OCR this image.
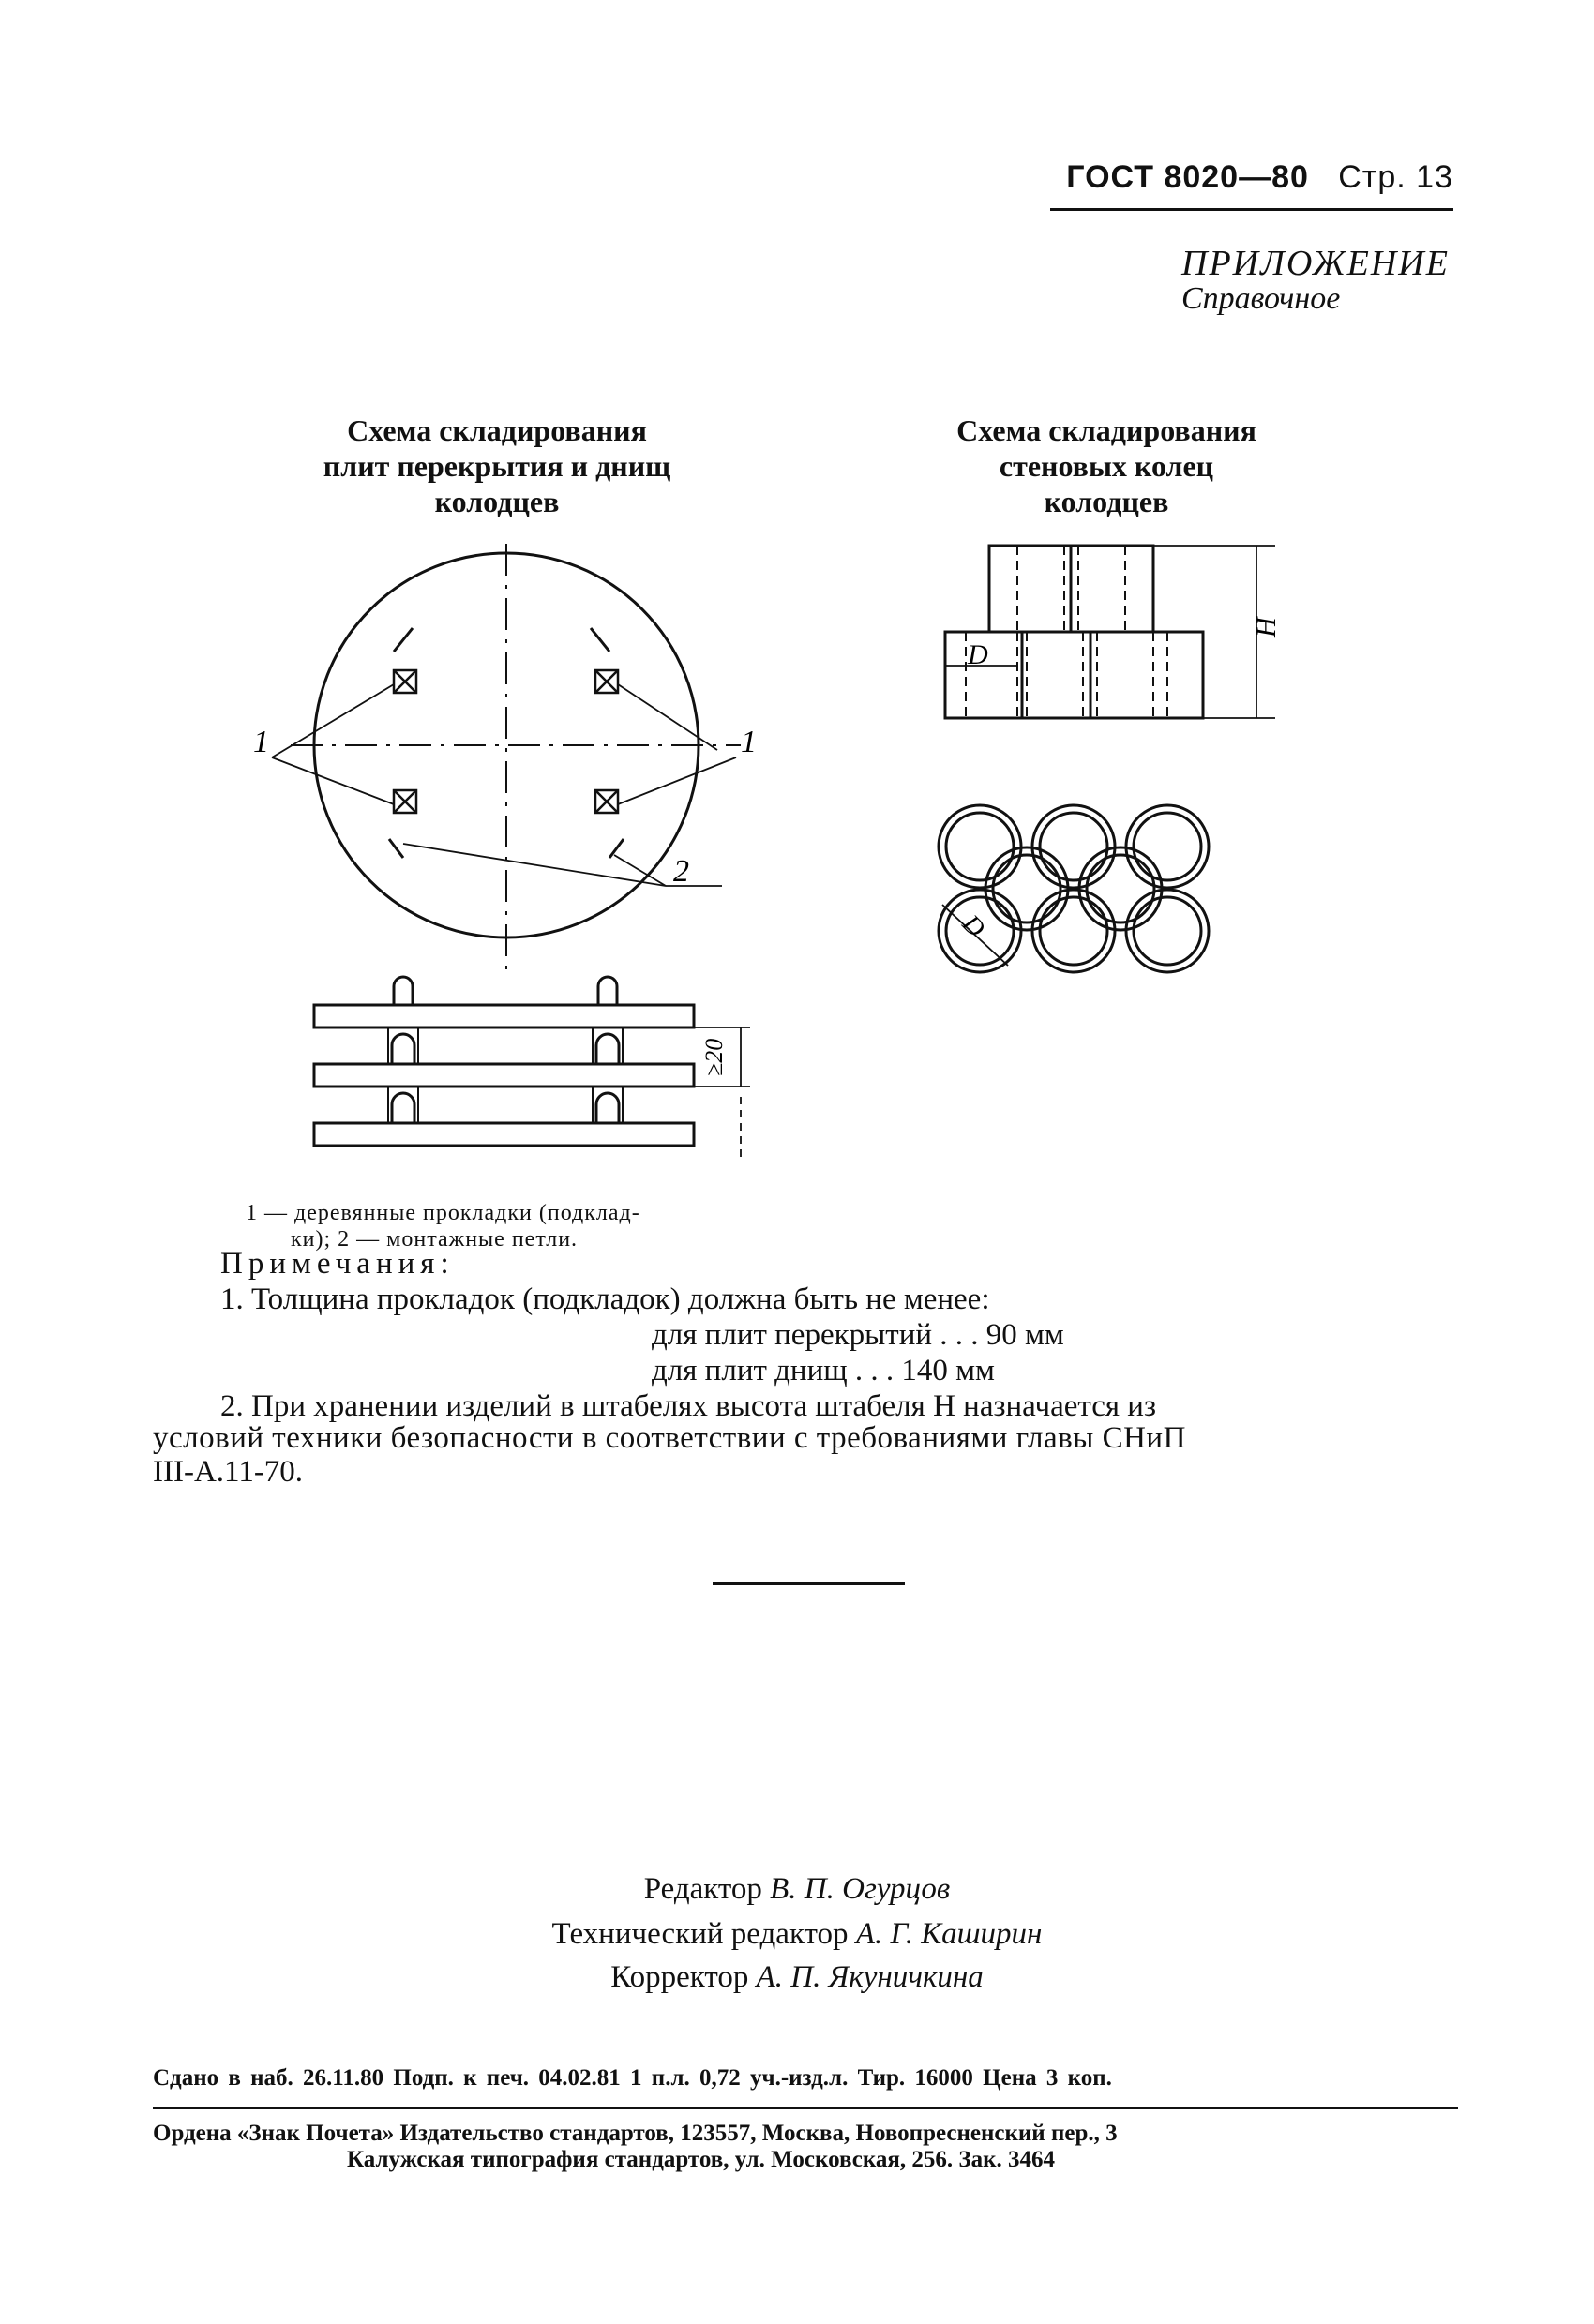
ГОСТ 8020—80 Стр. 13
ПРИЛОЖЕНИЕ
Справочное
Схема складирования
плит перекрытия и днищ
колодцев
Схема складирования
стеновых колец
колодцев
1	1
2
≥20
D
H
D
1 — деревянные прокладки (подклад-
ки); 2 — монтажные петли.
Примечания:
1. Толщина прокладок (подкладок) должна быть не менее:
для плит перекрытий . . . 90 мм
для плит днищ . . . 140 мм
2. При хранении изделий в штабелях высота штабеля H назначается из
условий техники безопасности в соответствии с требованиями главы СНиП
III-А.11-70.
Редактор В. П. Огурцов
Технический редактор А. Г. Каширин
Корректор А. П. Якуничкина
Сдано в наб. 26.11.80 Подп. к печ. 04.02.81 1 п.л. 0,72 уч.-изд.л. Тир. 16000 Цена 3 коп.
Ордена «Знак Почета» Издательство стандартов, 123557, Москва, Новопресненский пер., 3
Калужская типография стандартов, ул. Московская, 256. Зак. 3464
